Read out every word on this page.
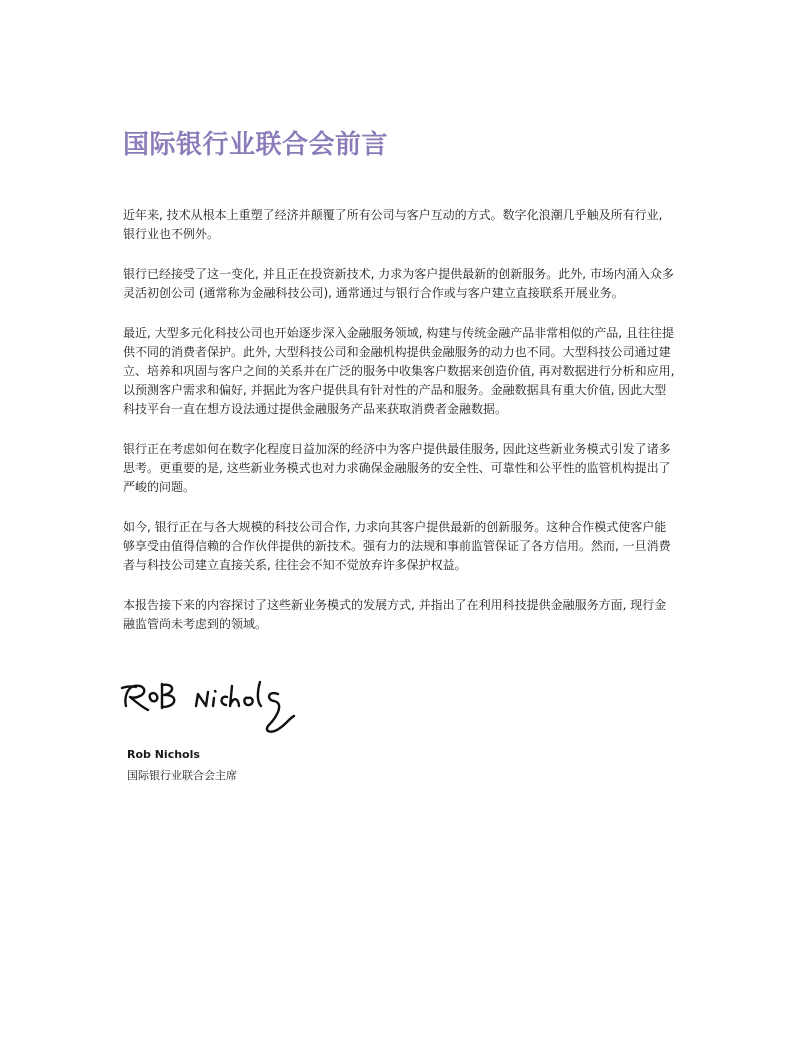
国际银行业联合会前言

近年来, 技术从根本上重塑了经济并颠覆了所有公司与客户互动的方式。数字化浪潮几乎触及所有行业, 银行业也不例外。

银行已经接受了这一变化, 并且正在投资新技术, 力求为客户提供最新的创新服务。此外, 市场内涌入众多灵活初创公司 (通常称为金融科技公司), 通常通过与银行合作或与客户建立直接联系开展业务。

最近, 大型多元化科技公司也开始逐步深入金融服务领域, 构建与传统金融产品非常相似的产品, 且往往提供不同的消费者保护。此外, 大型科技公司和金融机构提供金融服务的动力也不同。大型科技公司通过建立、培养和巩固与客户之间的关系并在广泛的服务中收集客户数据来创造价值, 再对数据进行分析和应用, 以预测客户需求和偏好, 并据此为客户提供具有针对性的产品和服务。金融数据具有重大价值, 因此大型科技平台一直在想方设法通过提供金融服务产品来获取消费者金融数据。

银行正在考虑如何在数字化程度日益加深的经济中为客户提供最佳服务, 因此这些新业务模式引发了诸多思考。更重要的是, 这些新业务模式也对力求确保金融服务的安全性、可靠性和公平性的监管机构提出了严峻的问题。

如今, 银行正在与各大规模的科技公司合作, 力求向其客户提供最新的创新服务。这种合作模式使客户能够享受由值得信赖的合作伙伴提供的新技术。强有力的法规和事前监管保证了各方信用。然而, 一旦消费者与科技公司建立直接关系, 往往会不知不觉放弃许多保护权益。

本报告接下来的内容探讨了这些新业务模式的发展方式, 并指出了在利用科技提供金融服务方面, 现行金融监管尚未考虑到的领域。

Rob Nichols
Rob Nichols
国际银行业联合会主席
